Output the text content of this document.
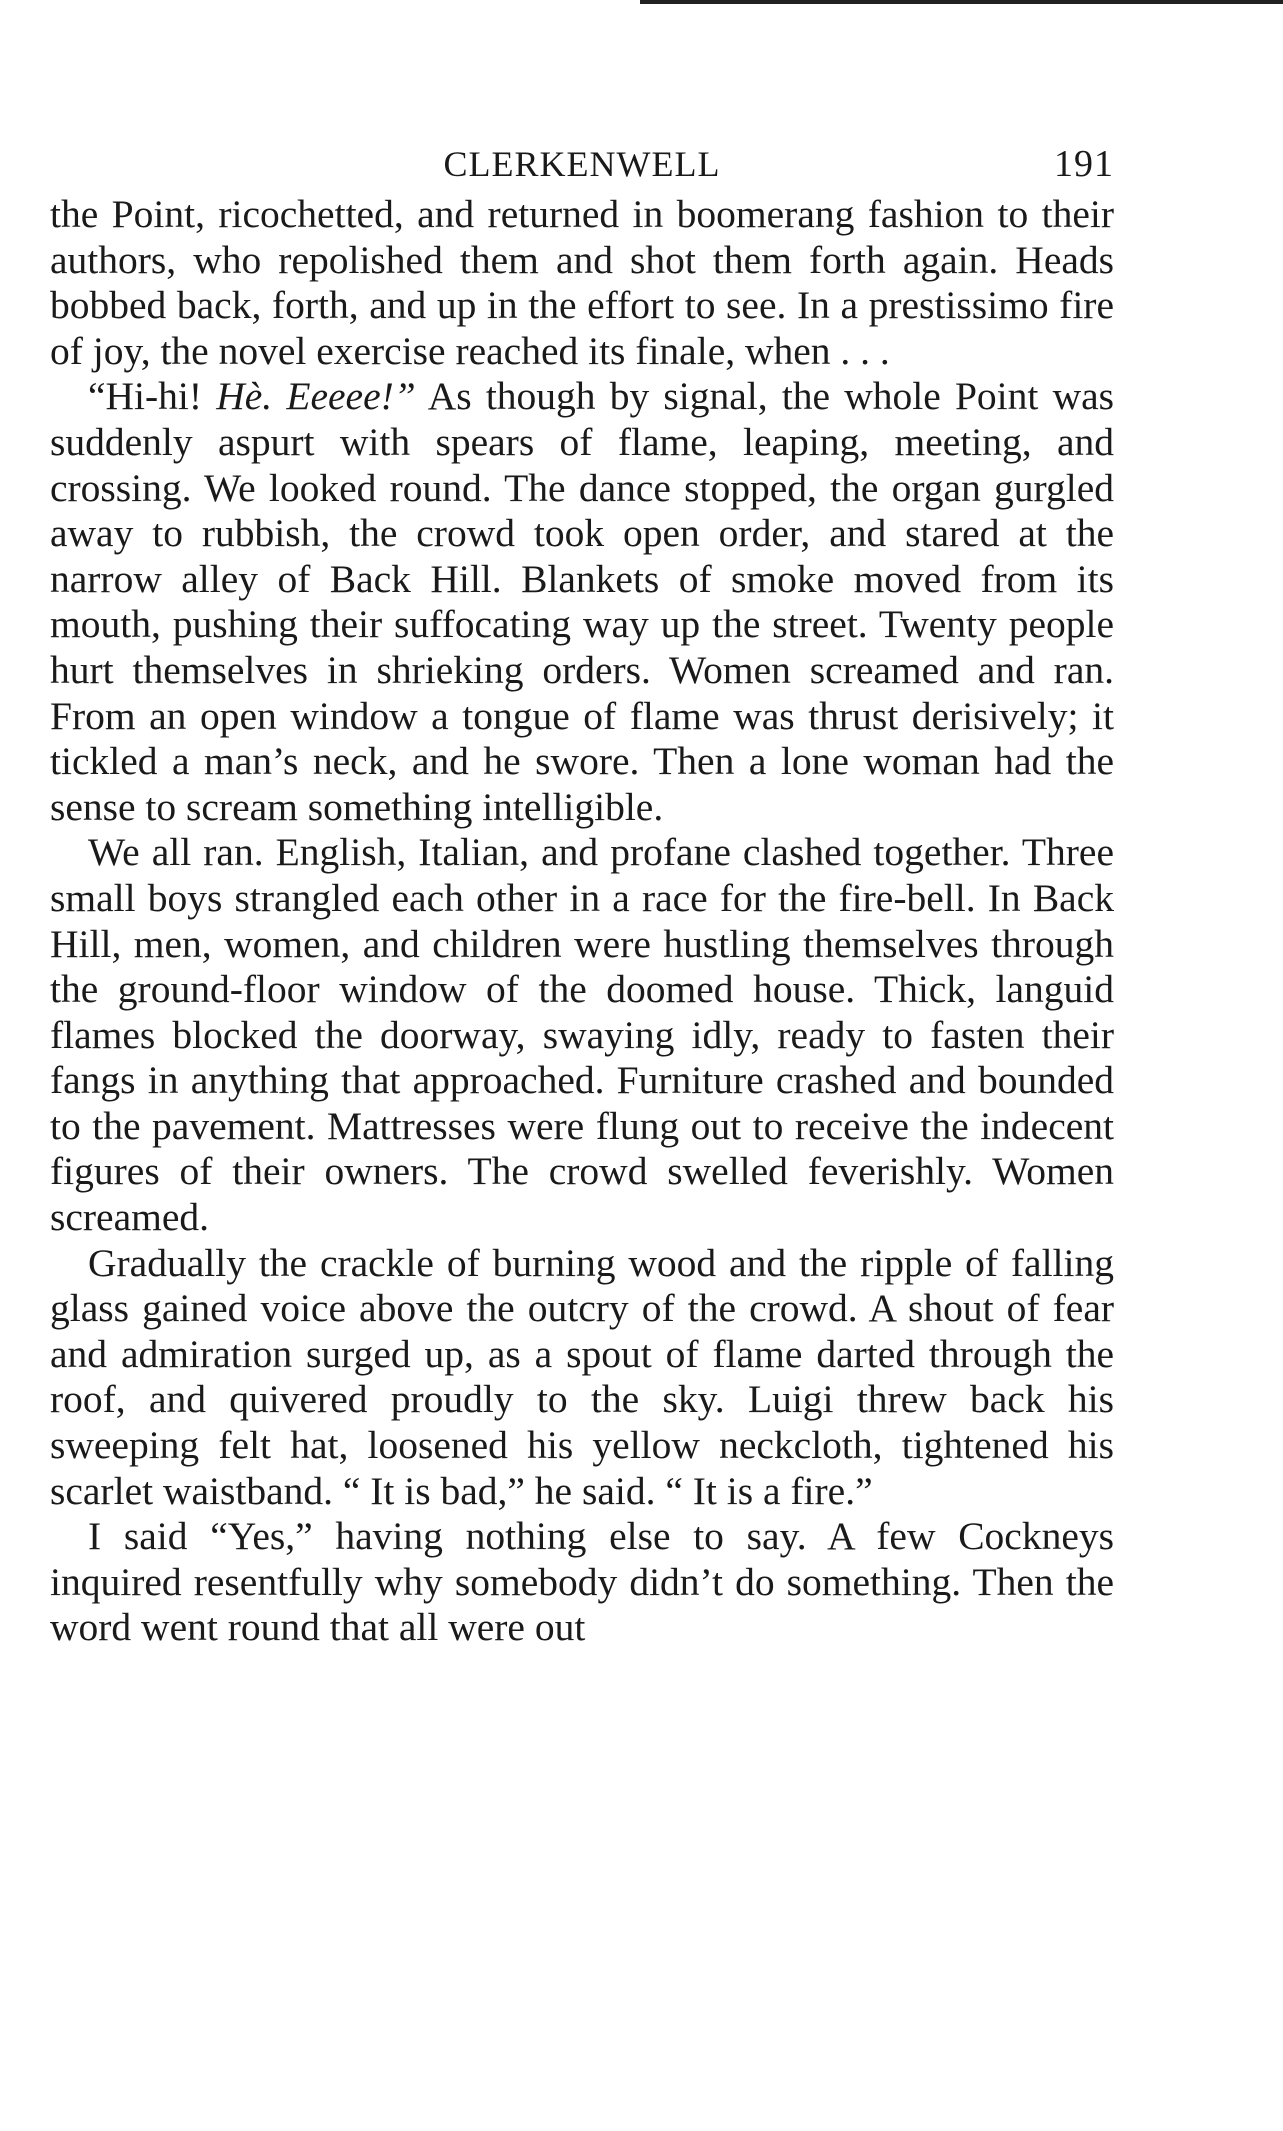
CLERKENWELL	191

the Point, ricochetted, and returned in boomerang fashion to their authors, who repolished them and shot them forth again. Heads bobbed back, forth, and up in the effort to see. In a prestissimo fire of joy, the novel exercise reached its finale, when . . .

“Hi-hi! Hè. Eeeee!” As though by signal, the whole Point was suddenly aspurt with spears of flame, leaping, meeting, and crossing. We looked round. The dance stopped, the organ gurgled away to rubbish, the crowd took open order, and stared at the narrow alley of Back Hill. Blankets of smoke moved from its mouth, pushing their suffocating way up the street. Twenty people hurt themselves in shrieking orders. Women screamed and ran. From an open window a tongue of flame was thrust derisively; it tickled a man’s neck, and he swore. Then a lone woman had the sense to scream something intelligible.

We all ran. English, Italian, and profane clashed together. Three small boys strangled each other in a race for the fire-bell. In Back Hill, men, women, and children were hustling themselves through the ground-floor window of the doomed house. Thick, languid flames blocked the doorway, swaying idly, ready to fasten their fangs in anything that approached. Furniture crashed and bounded to the pavement. Mattresses were flung out to receive the indecent figures of their owners. The crowd swelled feverishly. Women screamed.

Gradually the crackle of burning wood and the ripple of falling glass gained voice above the outcry of the crowd. A shout of fear and admiration surged up, as a spout of flame darted through the roof, and quivered proudly to the sky. Luigi threw back his sweeping felt hat, loosened his yellow neckcloth, tightened his scarlet waistband. “ It is bad,” he said. “ It is a fire.”

I said “Yes,” having nothing else to say. A few Cockneys inquired resentfully why somebody didn’t do something. Then the word went round that all were out
